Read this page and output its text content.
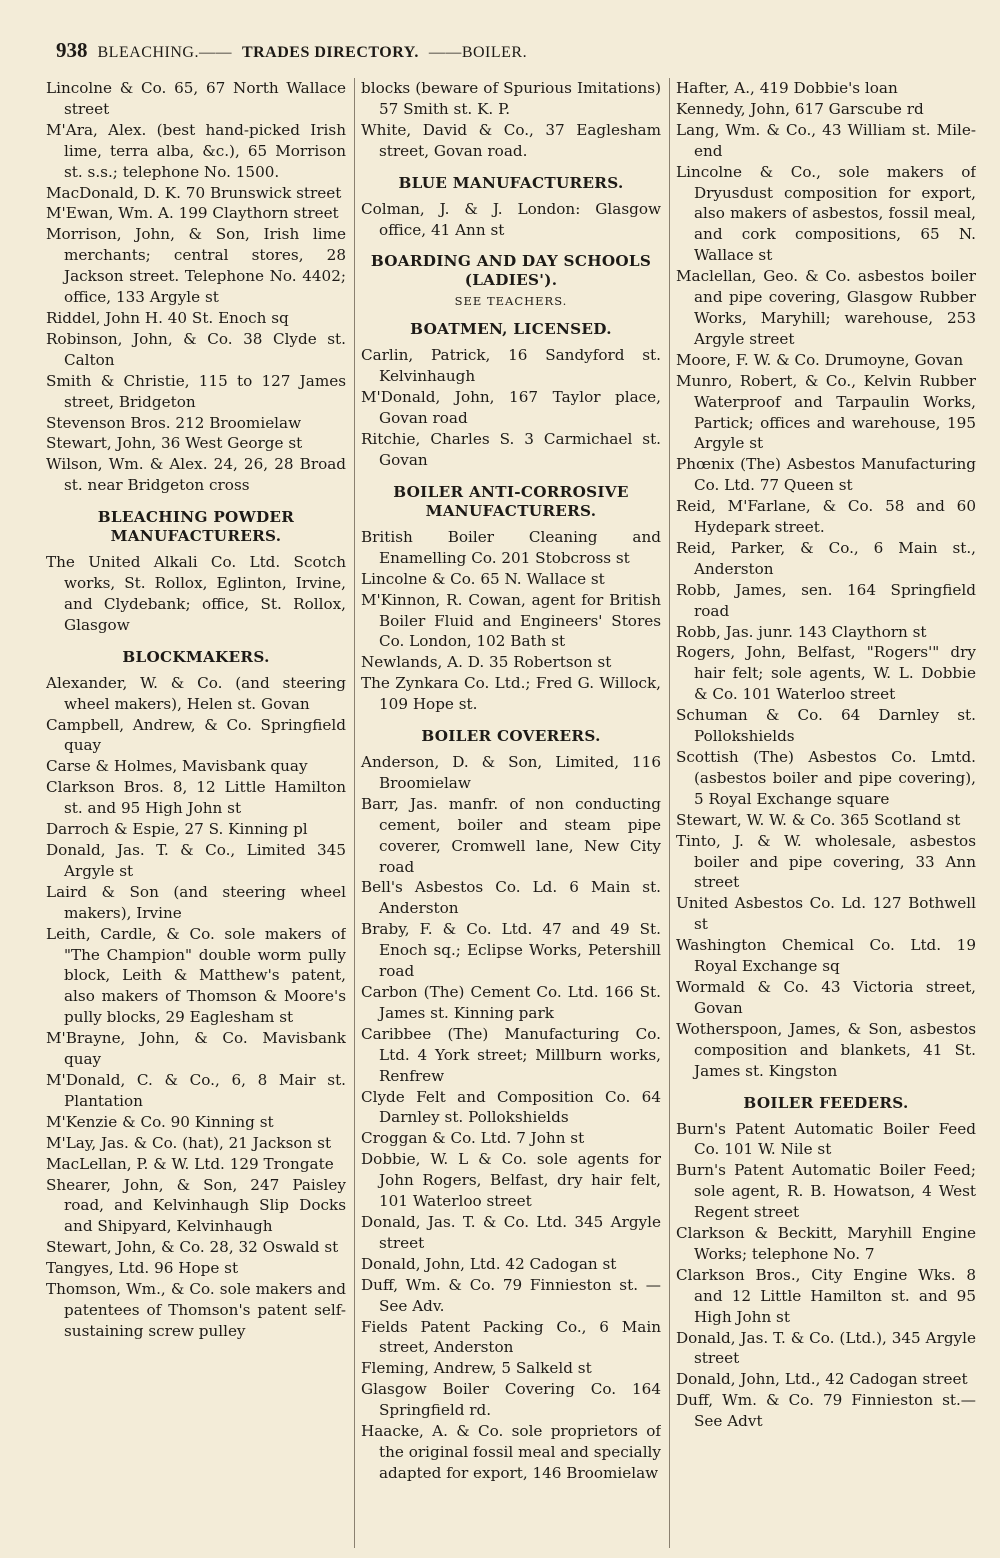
938 BLEACHING.—— TRADES DIRECTORY. ——BOILER.

Lincolne & Co. 65, 67 North Wallace street

M'Ara, Alex. (best hand-picked Irish lime, terra alba, &c.), 65 Morrison st. s.s.; telephone No. 1500.

MacDonald, D. K. 70 Brunswick street

M'Ewan, Wm. A. 199 Claythorn street

Morrison, John, & Son, Irish lime merchants; central stores, 28 Jackson street. Telephone No. 4402; office, 133 Argyle st

Riddel, John H. 40 St. Enoch sq

Robinson, John, & Co. 38 Clyde st. Calton

Smith & Christie, 115 to 127 James street, Bridgeton

Stevenson Bros. 212 Broomielaw

Stewart, John, 36 West George st

Wilson, Wm. & Alex. 24, 26, 28 Broad st. near Bridgeton cross

BLEACHING POWDER MANUFACTURERS.

The United Alkali Co. Ltd. Scotch works, St. Rollox, Eglinton, Irvine, and Clydebank; office, St. Rollox, Glasgow

BLOCKMAKERS.

Alexander, W. & Co. (and steering wheel makers), Helen st. Govan

Campbell, Andrew, & Co. Springfield quay

Carse & Holmes, Mavisbank quay

Clarkson Bros. 8, 12 Little Hamilton st. and 95 High John st

Darroch & Espie, 27 S. Kinning pl

Donald, Jas. T. & Co., Limited 345 Argyle st

Laird & Son (and steering wheel makers), Irvine

Leith, Cardle, & Co. sole makers of "The Champion" double worm pully block, Leith & Matthew's patent, also makers of Thomson & Moore's pully blocks, 29 Eaglesham st

M'Brayne, John, & Co. Mavisbank quay

M'Donald, C. & Co., 6, 8 Mair st. Plantation

M'Kenzie & Co. 90 Kinning st

M'Lay, Jas. & Co. (hat), 21 Jackson st

MacLellan, P. & W. Ltd. 129 Trongate

Shearer, John, & Son, 247 Paisley road, and Kelvinhaugh Slip Docks and Shipyard, Kelvinhaugh

Stewart, John, & Co. 28, 32 Oswald st

Tangyes, Ltd. 96 Hope st

Thomson, Wm., & Co. sole makers and patentees of Thomson's patent self-sustaining screw pulley

blocks (beware of Spurious Imitations) 57 Smith st. K. P.

White, David & Co., 37 Eaglesham street, Govan road.

BLUE MANUFACTURERS.

Colman, J. & J. London: Glasgow office, 41 Ann st

BOARDING AND DAY SCHOOLS (LADIES').

SEE TEACHERS.

BOATMEN, LICENSED.

Carlin, Patrick, 16 Sandyford st. Kelvinhaugh

M'Donald, John, 167 Taylor place, Govan road

Ritchie, Charles S. 3 Carmichael st. Govan

BOILER ANTI-CORROSIVE MANUFACTURERS.

British Boiler Cleaning and Enamelling Co. 201 Stobcross st

Lincolne & Co. 65 N. Wallace st

M'Kinnon, R. Cowan, agent for British Boiler Fluid and Engineers' Stores Co. London, 102 Bath st

Newlands, A. D. 35 Robertson st

The Zynkara Co. Ltd.; Fred G. Willock, 109 Hope st.

BOILER COVERERS.

Anderson, D. & Son, Limited, 116 Broomielaw

Barr, Jas. manfr. of non conducting cement, boiler and steam pipe coverer, Cromwell lane, New City road

Bell's Asbestos Co. Ld. 6 Main st. Anderston

Braby, F. & Co. Ltd. 47 and 49 St. Enoch sq.; Eclipse Works, Petershill road

Carbon (The) Cement Co. Ltd. 166 St. James st. Kinning park

Caribbee (The) Manufacturing Co. Ltd. 4 York street; Millburn works, Renfrew

Clyde Felt and Composition Co. 64 Darnley st. Pollokshields

Croggan & Co. Ltd. 7 John st

Dobbie, W. L & Co. sole agents for John Rogers, Belfast, dry hair felt, 101 Waterloo street

Donald, Jas. T. & Co. Ltd. 345 Argyle street

Donald, John, Ltd. 42 Cadogan st

Duff, Wm. & Co. 79 Finnieston st. —See Adv.

Fields Patent Packing Co., 6 Main street, Anderston

Fleming, Andrew, 5 Salkeld st

Glasgow Boiler Covering Co. 164 Springfield rd.

Haacke, A. & Co. sole proprietors of the original fossil meal and specially adapted for export, 146 Broomielaw

Hafter, A., 419 Dobbie's loan

Kennedy, John, 617 Garscube rd

Lang, Wm. & Co., 43 William st. Mile-end

Lincolne & Co., sole makers of Dryusdust composition for export, also makers of asbestos, fossil meal, and cork compositions, 65 N. Wallace st

Maclellan, Geo. & Co. asbestos boiler and pipe covering, Glasgow Rubber Works, Maryhill; warehouse, 253 Argyle street

Moore, F. W. & Co. Drumoyne, Govan

Munro, Robert, & Co., Kelvin Rubber Waterproof and Tarpaulin Works, Partick; offices and warehouse, 195 Argyle st

Phœnix (The) Asbestos Manufacturing Co. Ltd. 77 Queen st

Reid, M'Farlane, & Co. 58 and 60 Hydepark street.

Reid, Parker, & Co., 6 Main st., Anderston

Robb, James, sen. 164 Springfield road

Robb, Jas. junr. 143 Claythorn st

Rogers, John, Belfast, "Rogers'" dry hair felt; sole agents, W. L. Dobbie & Co. 101 Waterloo street

Schuman & Co. 64 Darnley st. Pollokshields

Scottish (The) Asbestos Co. Lmtd. (asbestos boiler and pipe covering), 5 Royal Exchange square

Stewart, W. W. & Co. 365 Scotland st

Tinto, J. & W. wholesale, asbestos boiler and pipe covering, 33 Ann street

United Asbestos Co. Ld. 127 Bothwell st

Washington Chemical Co. Ltd. 19 Royal Exchange sq

Wormald & Co. 43 Victoria street, Govan

Wotherspoon, James, & Son, asbestos composition and blankets, 41 St. James st. Kingston

BOILER FEEDERS.

Burn's Patent Automatic Boiler Feed Co. 101 W. Nile st

Burn's Patent Automatic Boiler Feed; sole agent, R. B. Howatson, 4 West Regent street

Clarkson & Beckitt, Maryhill Engine Works; telephone No. 7

Clarkson Bros., City Engine Wks. 8 and 12 Little Hamilton st. and 95 High John st

Donald, Jas. T. & Co. (Ltd.), 345 Argyle street

Donald, John, Ltd., 42 Cadogan street

Duff, Wm. & Co. 79 Finnieston st.—See Advt
